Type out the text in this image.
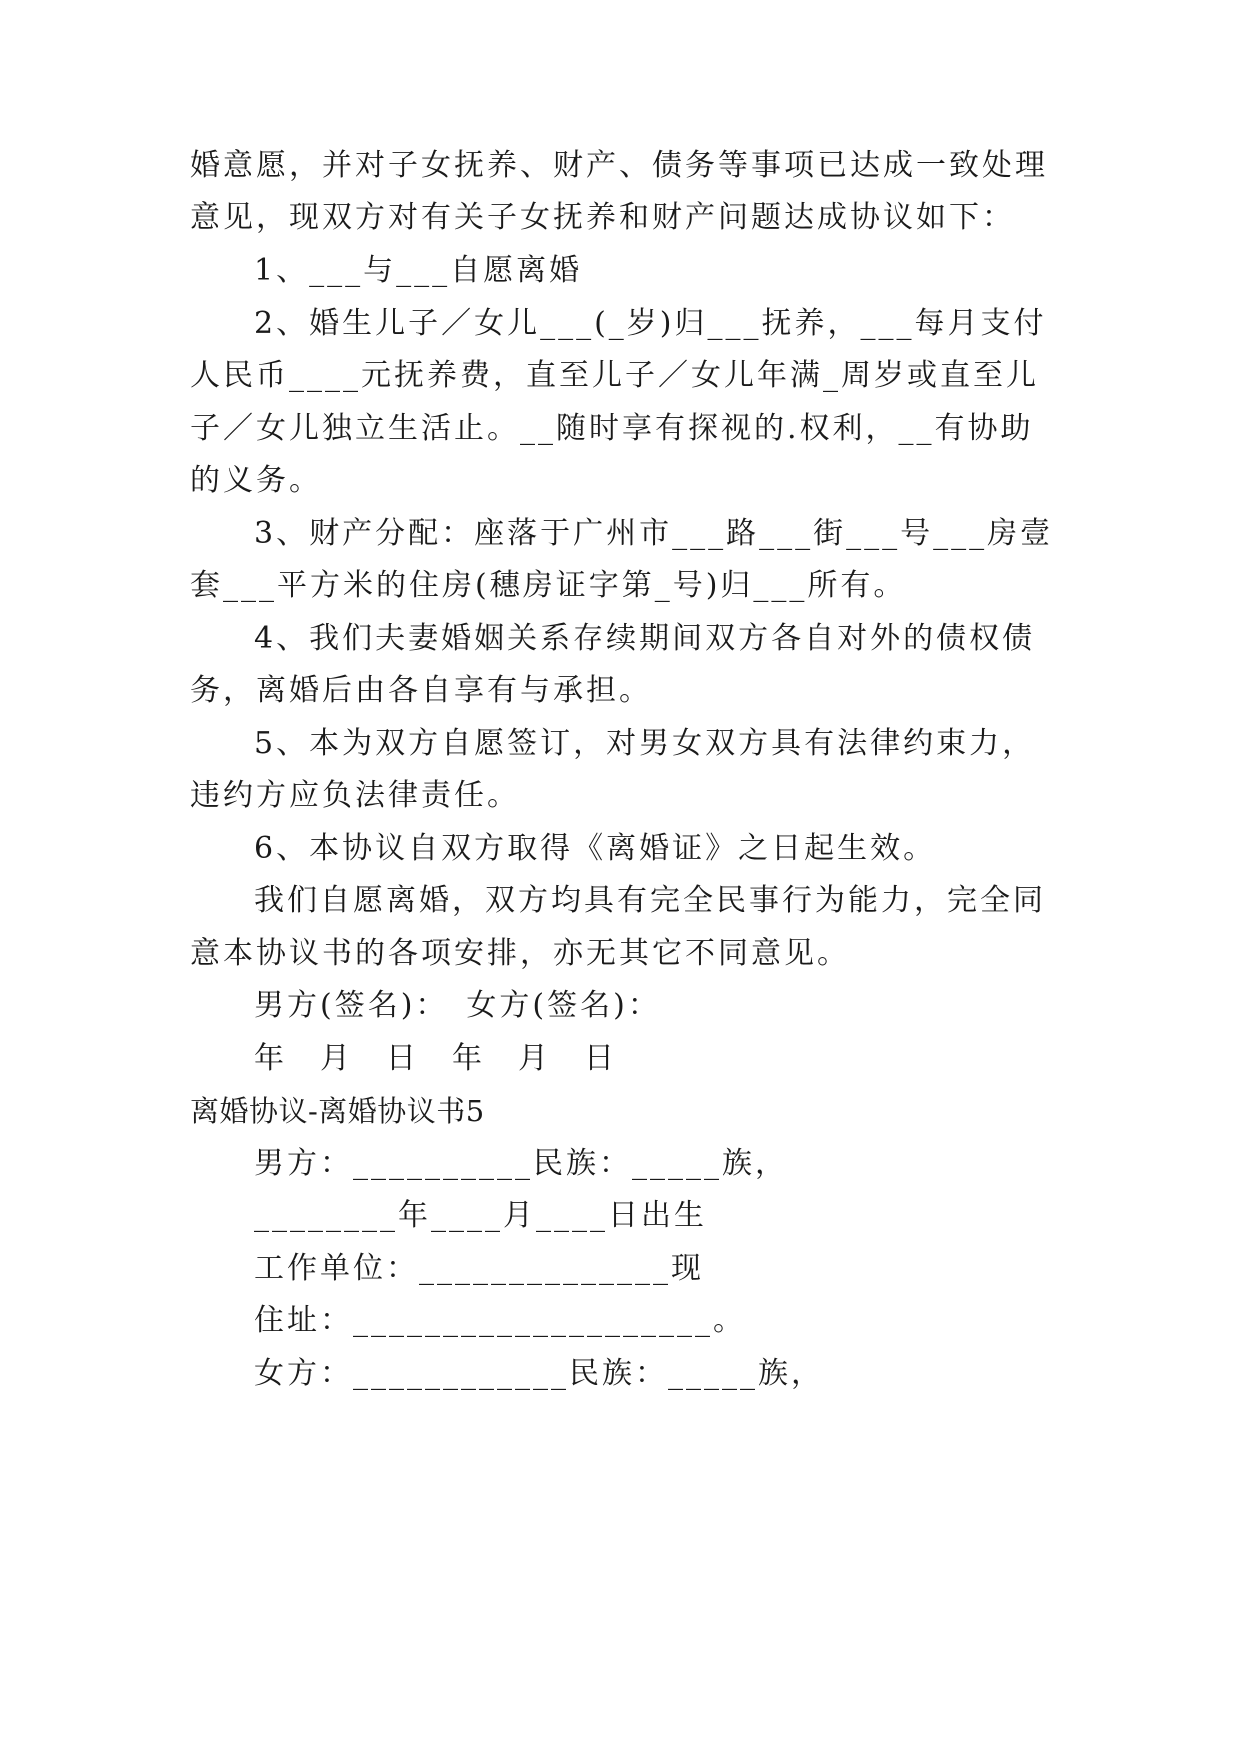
婚意愿，并对子女抚养、财产、债务等事项已达成一致处理
意见，现双方对有关子女抚养和财产问题达成协议如下：
1、___与___自愿离婚
2、婚生儿子／女儿___(_岁)归___抚养，___每月支付
人民币____元抚养费，直至儿子／女儿年满_周岁或直至儿
子／女儿独立生活止。__随时享有探视的.权利，__有协助
的义务。
3、财产分配：座落于广州市___路___街___号___房壹
套___平方米的住房(穗房证字第_号)归___所有。
4、我们夫妻婚姻关系存续期间双方各自对外的债权债
务，离婚后由各自享有与承担。
5、本为双方自愿签订，对男女双方具有法律约束力，
违约方应负法律责任。
6、本协议自双方取得《离婚证》之日起生效。
我们自愿离婚，双方均具有完全民事行为能力，完全同
意本协议书的各项安排，亦无其它不同意见。
男方(签名)：　女方(签名)：
年　月　日　年　月　日
离婚协议-离婚协议书5
男方：__________民族：_____族，
________年____月____日出生
工作单位：______________现
住址：____________________。
女方：____________民族：_____族，
